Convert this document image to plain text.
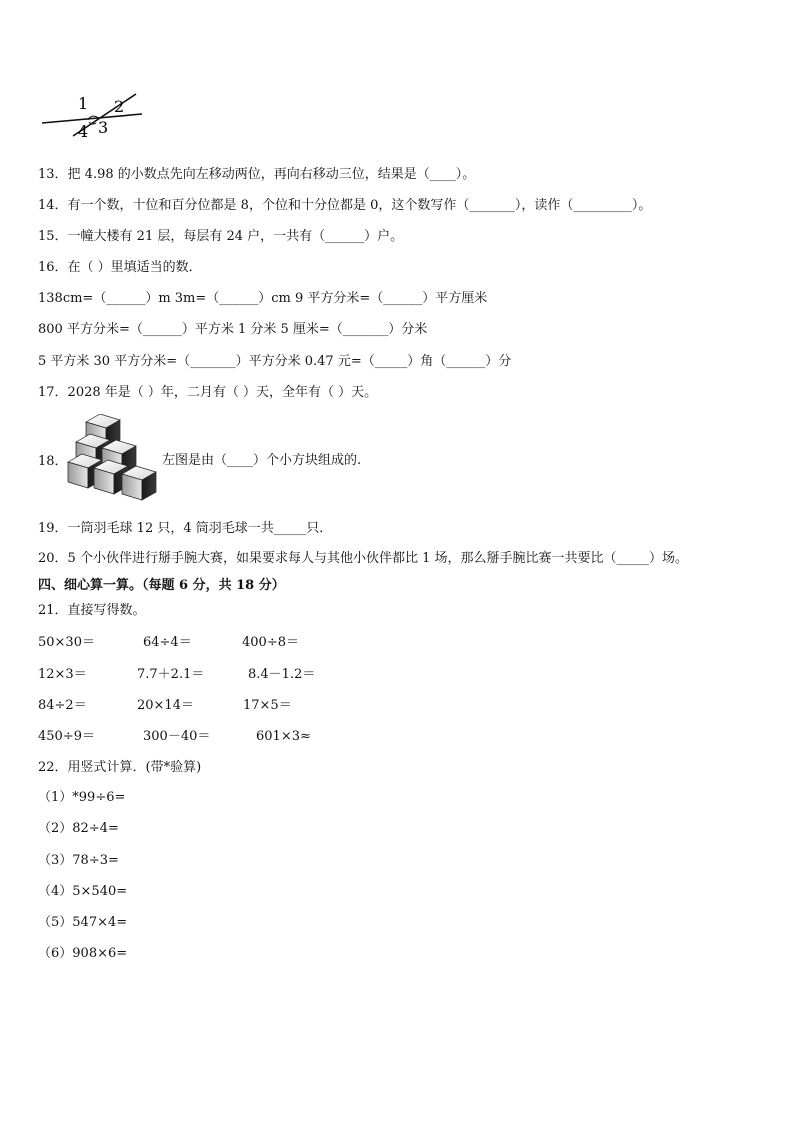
1 2
4 3
13．把 4.98 的小数点先向左移动两位，再向右移动三位，结果是（____）。
14．有一个数，十位和百分位都是 8，个位和十分位都是 0，这个数写作（_______），读作（_________）。
15．一幢大楼有 21 层，每层有 24 户，一共有（______）户。
16．在（ ）里填适当的数．
138cm=（______）m 3m=（______）cm 9 平方分米=（______）平方厘米
800 平方分米=（______）平方米 1 分米 5 厘米=（_______）分米
5 平方米 30 平方分米=（_______）平方分米 0.47 元=（_____）角（______）分
17．2028 年是（ ）年，二月有（ ）天，全年有（ ）天。
18．	左图是由（____）个小方块组成的.
19．一筒羽毛球 12 只，4 筒羽毛球一共_____只．
20．5 个小伙伴进行掰手腕大赛，如果要求每人与其他小伙伴都比 1 场，那么掰手腕比赛一共要比（_____）场。
四、细心算一算。（每题 6 分，共 18 分）
21．直接写得数。
50×30＝	64÷4＝	400÷8＝
12×3＝	7.7＋2.1＝	8.4－1.2＝
84÷2＝	20×14＝	17×5＝
450÷9＝	300－40＝	601×3≈
22．用竖式计算．(带*验算)
（1）*99÷6=
（2）82÷4=
（3）78÷3=
（4）5×540=
（5）547×4=
（6）908×6=
